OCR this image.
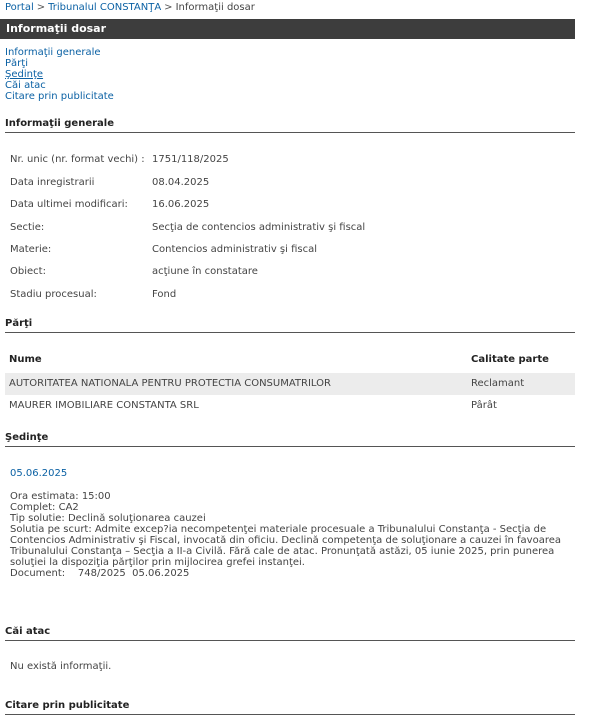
Portal > Tribunalul CONSTANŢA > Informaţii dosar
Informaţii dosar
Informaţii generale
Părţi
Şedinţe
Căi atac
Citare prin publicitate
Informaţii generale
Nr. unic (nr. format vechi) : 1751/118/2025
Data inregistrarii	08.04.2025
Data ultimei modificari: 16.06.2025
Sectie:	Secţia de contencios administrativ şi fiscal
Materie:	Contencios administrativ şi fiscal
Obiect:	acţiune în constatare
Stadiu procesual:	Fond
Părţi
Nume	Calitate parte
AUTORITATEA NATIONALA PENTRU PROTECTIA CONSUMATRILOR	Reclamant
MAURER IMOBILIARE CONSTANTA SRL	Pârât
Şedinţe
05.06.2025
Ora estimata: 15:00
Complet: CA2
Tip solutie: Declină soluţionarea cauzei
Solutia pe scurt: Admite excep?ia necompetenţei materiale procesuale a Tribunalului Constanţa - Secţia de Contencios Administrativ şi Fiscal, invocată din oficiu. Declină competenţa de soluţionare a cauzei în favoarea Tribunalului Constanţa – Secţia a II-a Civilă. Fără cale de atac. Pronunţată astăzi, 05 iunie 2025, prin punerea soluţiei la dispoziţia părţilor prin mijlocirea grefei instanţei.
Document:    748/2025  05.06.2025
Căi atac
Nu există informaţii.
Citare prin publicitate
